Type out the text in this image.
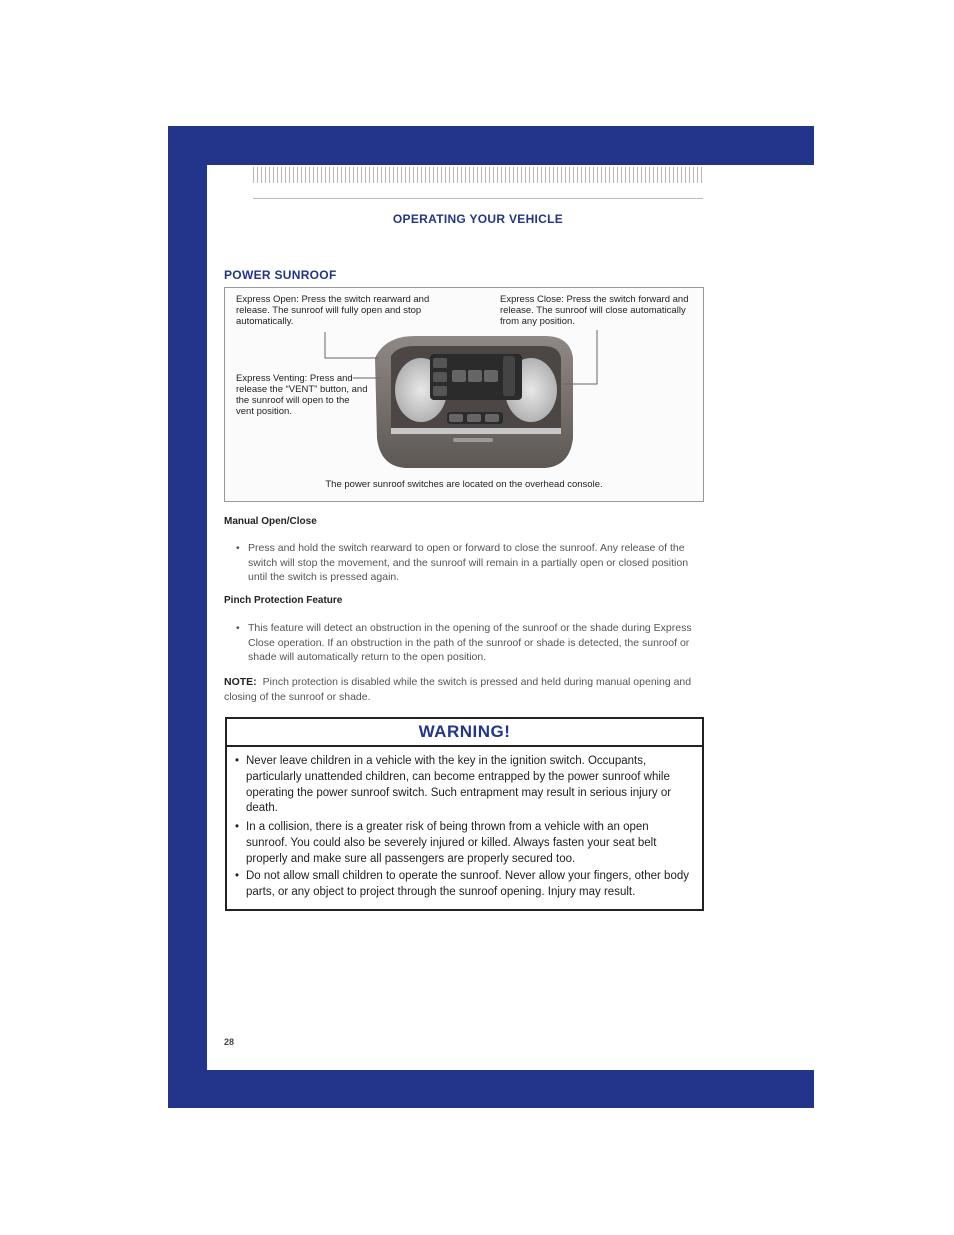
OPERATING YOUR VEHICLE
POWER SUNROOF
Express Open: Press the switch rearward and release. The sunroof will fully open and stop automatically.
Express Close: Press the switch forward and release. The sunroof will close automatically from any position.
Express Venting: Press and release the “VENT” button, and the sunroof will open to the vent position.
The power sunroof switches are located on the overhead console.
Manual Open/Close
• Press and hold the switch rearward to open or forward to close the sunroof. Any release of the switch will stop the movement, and the sunroof will remain in a partially open or closed position until the switch is pressed again.
Pinch Protection Feature
• This feature will detect an obstruction in the opening of the sunroof or the shade during Express Close operation. If an obstruction in the path of the sunroof or shade is detected, the sunroof or shade will automatically return to the open position.
NOTE: Pinch protection is disabled while the switch is pressed and held during manual opening and closing of the sunroof or shade.
WARNING!
• Never leave children in a vehicle with the key in the ignition switch. Occupants, particularly unattended children, can become entrapped by the power sunroof while operating the power sunroof switch. Such entrapment may result in serious injury or death.
• In a collision, there is a greater risk of being thrown from a vehicle with an open sunroof. You could also be severely injured or killed. Always fasten your seat belt properly and make sure all passengers are properly secured too.
• Do not allow small children to operate the sunroof. Never allow your fingers, other body parts, or any object to project through the sunroof opening. Injury may result.
28
